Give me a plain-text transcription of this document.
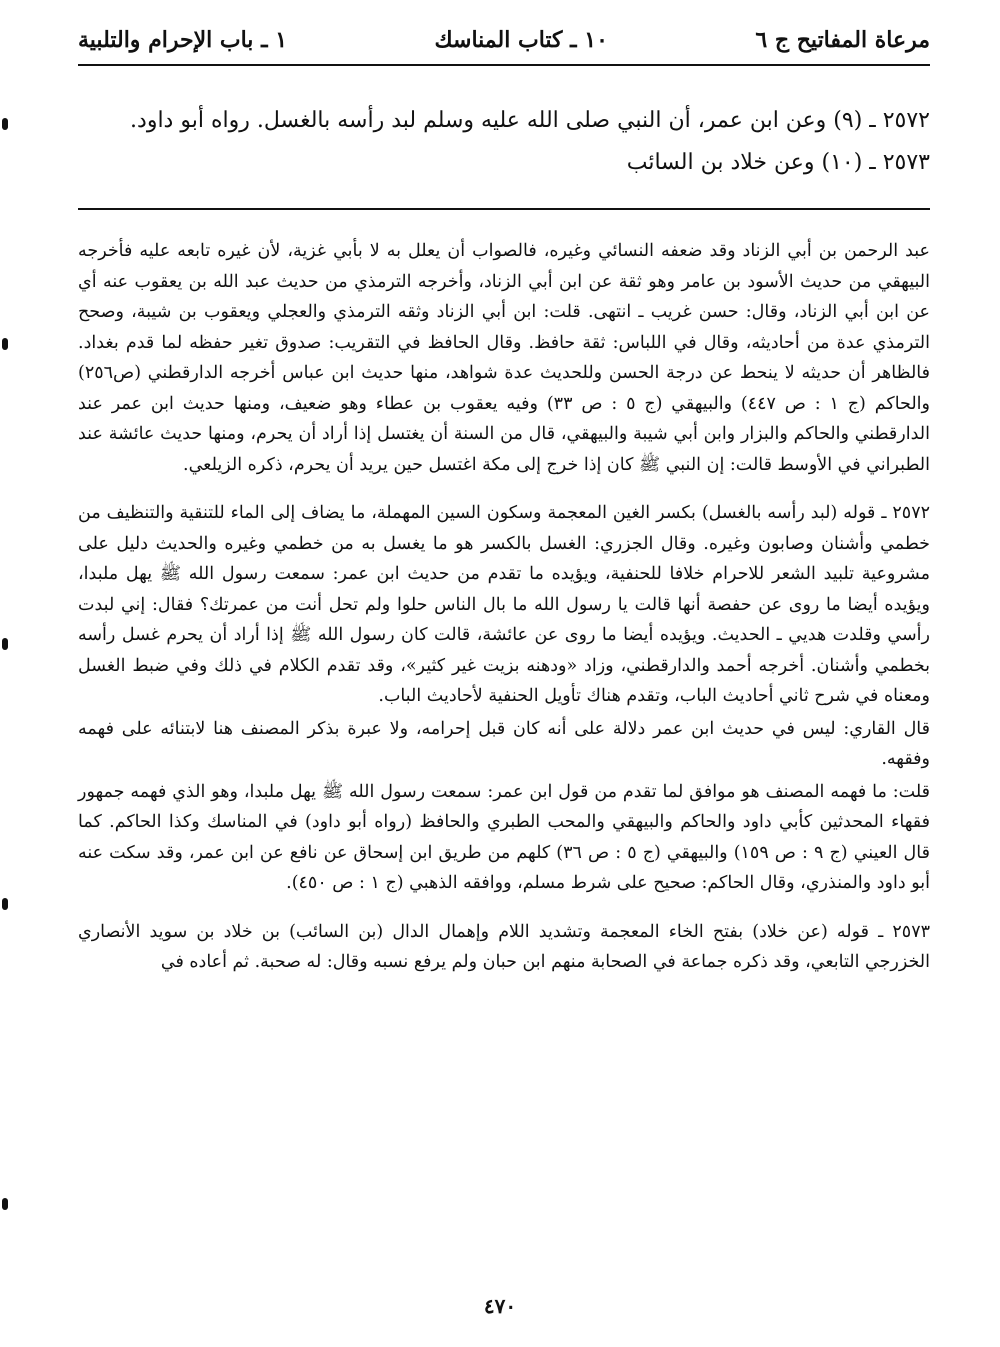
مرعاة المفاتيح ج ٦
١٠ ـ كتاب المناسك
١ ـ باب الإحرام والتلبية

٢٥٧٢ ـ (٩) وعن ابن عمر، أن النبي صلى الله عليه وسلم لبد رأسه بالغسل. رواه أبو داود.

٢٥٧٣ ـ (١٠) وعن خلاد بن السائب

عبد الرحمن بن أبي الزناد وقد ضعفه النسائي وغيره، فالصواب أن يعلل به لا بأبي غزية، لأن غيره تابعه عليه فأخرجه البيهقي من حديث الأسود بن عامر وهو ثقة عن ابن أبي الزناد، وأخرجه الترمذي من حديث عبد الله بن يعقوب عنه أي عن ابن أبي الزناد، وقال: حسن غريب ـ انتهى. قلت: ابن أبي الزناد وثقه الترمذي والعجلي ويعقوب بن شيبة، وصحح الترمذي عدة من أحاديثه، وقال في اللباس: ثقة حافظ. وقال الحافظ في التقريب: صدوق تغير حفظه لما قدم بغداد. فالظاهر أن حديثه لا ينحط عن درجة الحسن وللحديث عدة شواهد، منها حديث ابن عباس أخرجه الدارقطني (ص٢٥٦) والحاكم (ج ١ : ص ٤٤٧) والبيهقي (ج ٥ : ص ٣٣) وفيه يعقوب بن عطاء وهو ضعيف، ومنها حديث ابن عمر عند الدارقطني والحاكم والبزار وابن أبي شيبة والبيهقي، قال من السنة أن يغتسل إذا أراد أن يحرم، ومنها حديث عائشة عند الطبراني في الأوسط قالت: إن النبي ﷺ كان إذا خرج إلى مكة اغتسل حين يريد أن يحرم، ذكره الزيلعي.

٢٥٧٢ ـ قوله (لبد رأسه بالغسل) بكسر الغين المعجمة وسكون السين المهملة، ما يضاف إلى الماء للتنقية والتنظيف من خطمي وأشنان وصابون وغيره. وقال الجزري: الغسل بالكسر هو ما يغسل به من خطمي وغيره والحديث دليل على مشروعية تلبيد الشعر للاحرام خلافا للحنفية، ويؤيده ما تقدم من حديث ابن عمر: سمعت رسول الله ﷺ يهل ملبدا، ويؤيده أيضا ما روى عن حفصة أنها قالت يا رسول الله ما بال الناس حلوا ولم تحل أنت من عمرتك؟ فقال: إني لبدت رأسي وقلدت هديي ـ الحديث. ويؤيده أيضا ما روى عن عائشة، قالت كان رسول الله ﷺ إذا أراد أن يحرم غسل رأسه بخطمي وأشنان. أخرجه أحمد والدارقطني، وزاد «ودهنه بزيت غير كثير»، وقد تقدم الكلام في ذلك وفي ضبط الغسل ومعناه في شرح ثاني أحاديث الباب، وتقدم هناك تأويل الحنفية لأحاديث الباب.

قال القاري: ليس في حديث ابن عمر دلالة على أنه كان قبل إحرامه، ولا عبرة بذكر المصنف هنا لابتنائه على فهمه وفقهه.

قلت: ما فهمه المصنف هو موافق لما تقدم من قول ابن عمر: سمعت رسول الله ﷺ يهل ملبدا، وهو الذي فهمه جمهور فقهاء المحدثين كأبي داود والحاكم والبيهقي والمحب الطبري والحافظ (رواه أبو داود) في المناسك وكذا الحاكم. كما قال العيني (ج ٩ : ص ١٥٩) والبيهقي (ج ٥ : ص ٣٦) كلهم من طريق ابن إسحاق عن نافع عن ابن عمر، وقد سكت عنه أبو داود والمنذري، وقال الحاكم: صحيح على شرط مسلم، ووافقه الذهبي (ج ١ : ص ٤٥٠).

٢٥٧٣ ـ قوله (عن خلاد) بفتح الخاء المعجمة وتشديد اللام وإهمال الدال (بن السائب) بن خلاد بن سويد الأنصاري الخزرجي التابعي، وقد ذكره جماعة في الصحابة منهم ابن حبان ولم يرفع نسبه وقال: له صحبة. ثم أعاده في

٤٧٠
